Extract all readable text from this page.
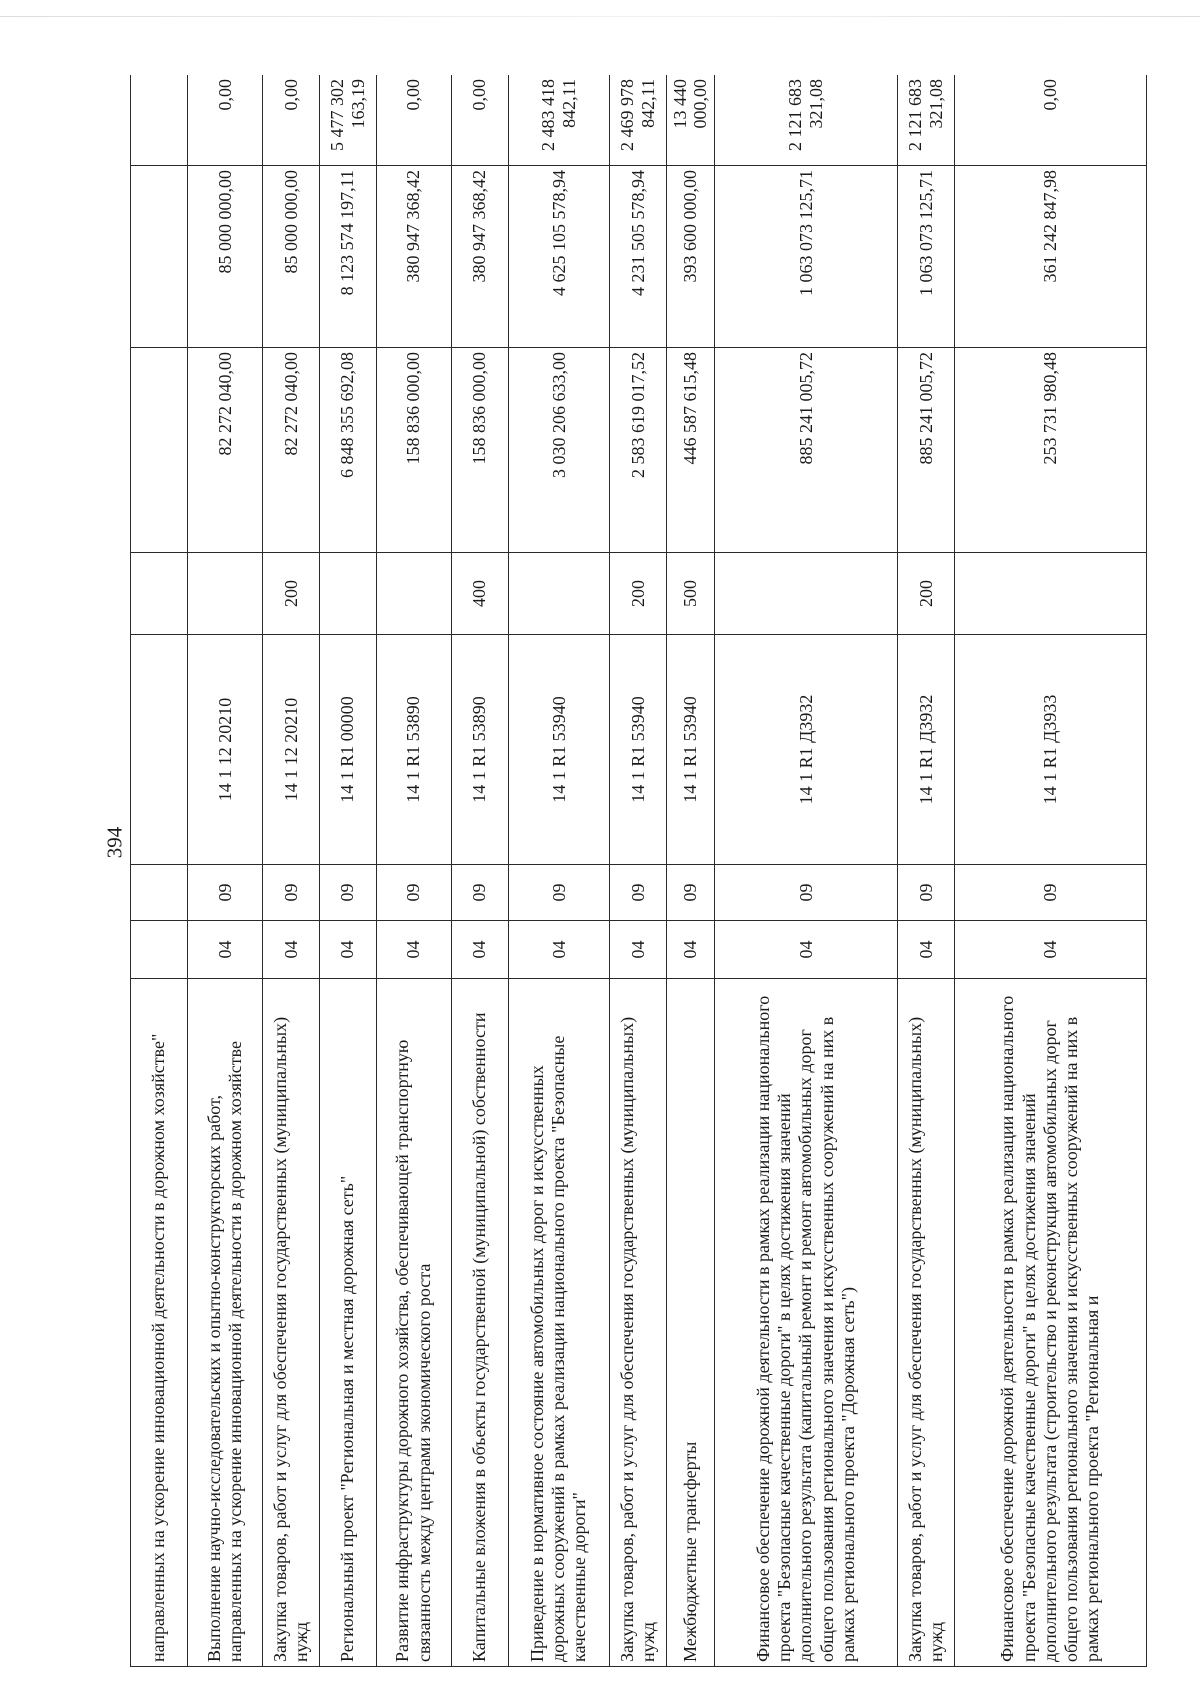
394
направленных на ускорение инновационной деятельности в дорожном хозяйстве"							
Выполнение научно-исследовательских и опытно-конструкторских работ, направленных на ускорение инновационной деятельности в дорожном хозяйстве	04	09	14 1 12 20210		82 272 040,00	85 000 000,00	0,00
Закупка товаров, работ и услуг для обеспечения государственных (муниципальных) нужд	04	09	14 1 12 20210	200	82 272 040,00	85 000 000,00	0,00
Региональный проект "Региональная и местная дорожная сеть"	04	09	14 1 R1 00000		6 848 355 692,08	8 123 574 197,11	5 477 302 163,19
Развитие инфраструктуры дорожного хозяйства, обеспечивающей транспортную связанность между центрами экономического роста	04	09	14 1 R1 53890		158 836 000,00	380 947 368,42	0,00
Капитальные вложения в объекты государственной (муниципальной) собственности	04	09	14 1 R1 53890	400	158 836 000,00	380 947 368,42	0,00
Приведение в нормативное состояние автомобильных дорог и искусственных дорожных сооружений в рамках реализации национального проекта "Безопасные качественные дороги"	04	09	14 1 R1 53940		3 030 206 633,00	4 625 105 578,94	2 483 418 842,11
Закупка товаров, работ и услуг для обеспечения государственных (муниципальных) нужд	04	09	14 1 R1 53940	200	2 583 619 017,52	4 231 505 578,94	2 469 978 842,11
Межбюджетные трансферты	04	09	14 1 R1 53940	500	446 587 615,48	393 600 000,00	13 440 000,00
Финансовое обеспечение дорожной деятельности в рамках реализации национального проекта "Безопасные качественные дороги" в целях достижения значений дополнительного результата (капитальный ремонт и ремонт автомобильных дорог общего пользования регионального значения и искусственных сооружений на них в рамках регионального проекта "Дорожная сеть")	04	09	14 1 R1 Д3932		885 241 005,72	1 063 073 125,71	2 121 683 321,08
Закупка товаров, работ и услуг для обеспечения государственных (муниципальных) нужд	04	09	14 1 R1 Д3932	200	885 241 005,72	1 063 073 125,71	2 121 683 321,08
Финансовое обеспечение дорожной деятельности в рамках реализации национального проекта "Безопасные качественные дороги" в целях достижения значений дополнительного результата (строительство и реконструкция автомобильных дорог общего пользования регионального значения и искусственных сооружений на них в рамках регионального проекта "Региональная и	04	09	14 1 R1 Д3933		253 731 980,48	361 242 847,98	0,00
